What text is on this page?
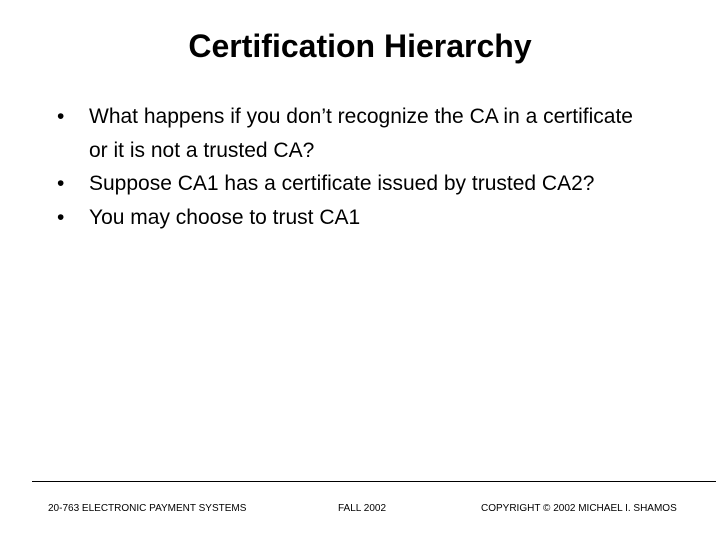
Certification Hierarchy
• What happens if you don’t recognize the CA in a certificate or it is not a trusted CA?
• Suppose CA1 has a certificate issued by trusted CA2?
• You may choose to trust CA1
20-763 ELECTRONIC PAYMENT SYSTEMS	FALL 2002	COPYRIGHT © 2002 MICHAEL I. SHAMOS
